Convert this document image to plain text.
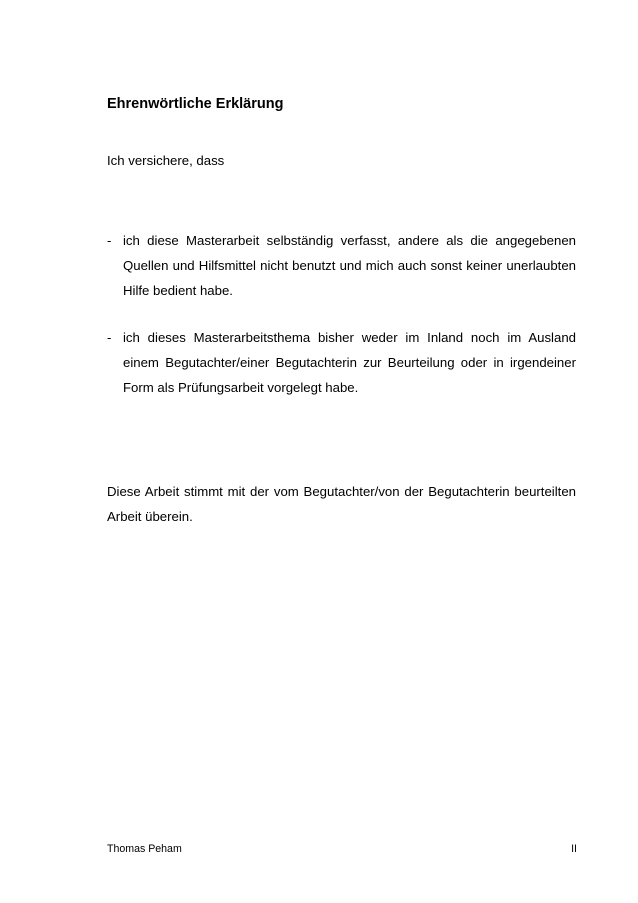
Ehrenwörtliche Erklärung

Ich versichere, dass

- ich diese Masterarbeit selbständig verfasst, andere als die angegebenen Quellen und Hilfsmittel nicht benutzt und mich auch sonst keiner unerlaubten Hilfe bedient habe.
- ich dieses Masterarbeitsthema bisher weder im Inland noch im Ausland einem Begutachter/einer Begutachterin zur Beurteilung oder in irgendeiner Form als Prüfungsarbeit vorgelegt habe.

Diese Arbeit stimmt mit der vom Begutachter/von der Begutachterin beurteilten Arbeit überein.

Thomas Peham	II
